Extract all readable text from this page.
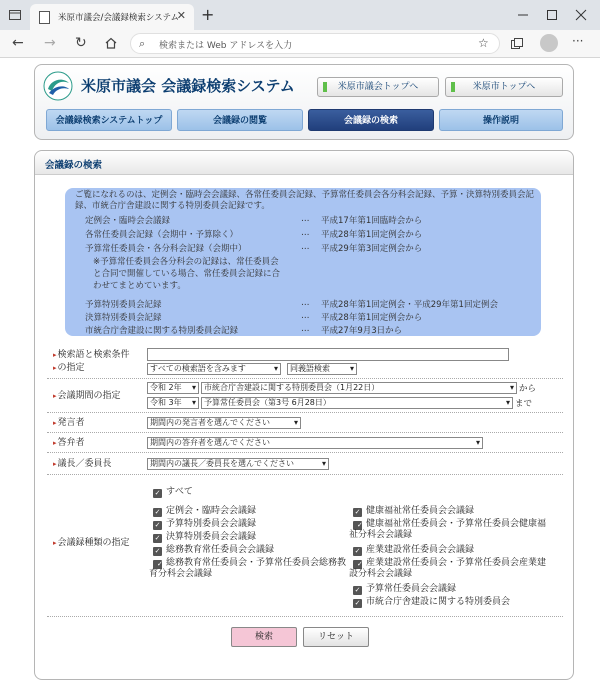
米原市議会/会議録検索システム
✕ +
← → ↻	⌕ 検索または Web アドレスを入力	☆	···
米原市議会 会議録検索システム	米原市議会トップへ	米原市トップへ
会議録検索システムトップ	会議録の閲覧	会議録の検索	操作説明
会議録の検索
ご覧になれるのは、定例会・臨時会会議録、各常任委員会記録、予算常任委員会各分科会記録、予算・決算特別委員会記録、市統合庁舎建設に関する特別委員会記録です。
定例会・臨時会会議録	… 平成17年第1回臨時会から
各常任委員会記録（会期中・予算除く）	… 平成28年第1回定例会から
予算常任委員会・各分科会記録（会期中）	… 平成29年第3回定例会から
※予算常任委員会各分科会の記録は、常任委員会と合同で開催している場合、常任委員会記録に合わせてまとめています。
予算特別委員会記録	… 平成28年第1回定例会・平成29年第1回定例会
決算特別委員会記録	… 平成28年第1回定例会から
市統合庁舎建設に関する特別委員会記録	… 平成27年9月3日から
▸ 検索語と検索条件
▸ の指定	すべての検索語を含みます ▾	同義語検索 ▾
▸ 会議期間の指定
令和 2年 ▾	市統合庁舎建設に関する特別委員会（1月22日） ▾	から
令和 3年 ▾	予算常任委員会（第3号 6月28日） ▾	まで
▸ 発言者	期間内の発言者を選んでください ▾
▸ 答弁者	期間内の答弁者を選んでください ▾
▸ 議長／委員長	期間内の議長／委員長を選んでください ▾
▸ 会議録種類の指定
✓ すべて
✓ 定例会・臨時会会議録
✓ 予算特別委員会会議録
✓ 決算特別委員会会議録
✓ 総務教育常任委員会会議録
✓ 総務教育常任委員会・予算常任委員会総務教育分科会会議録
✓ 健康福祉常任委員会会議録
✓ 健康福祉常任委員会・予算常任委員会健康福祉分科会会議録
✓ 産業建設常任委員会会議録
✓ 産業建設常任委員会・予算常任委員会産業建設分科会会議録
✓ 予算常任委員会会議録
✓ 市統合庁舎建設に関する特別委員会
検索	リセット
